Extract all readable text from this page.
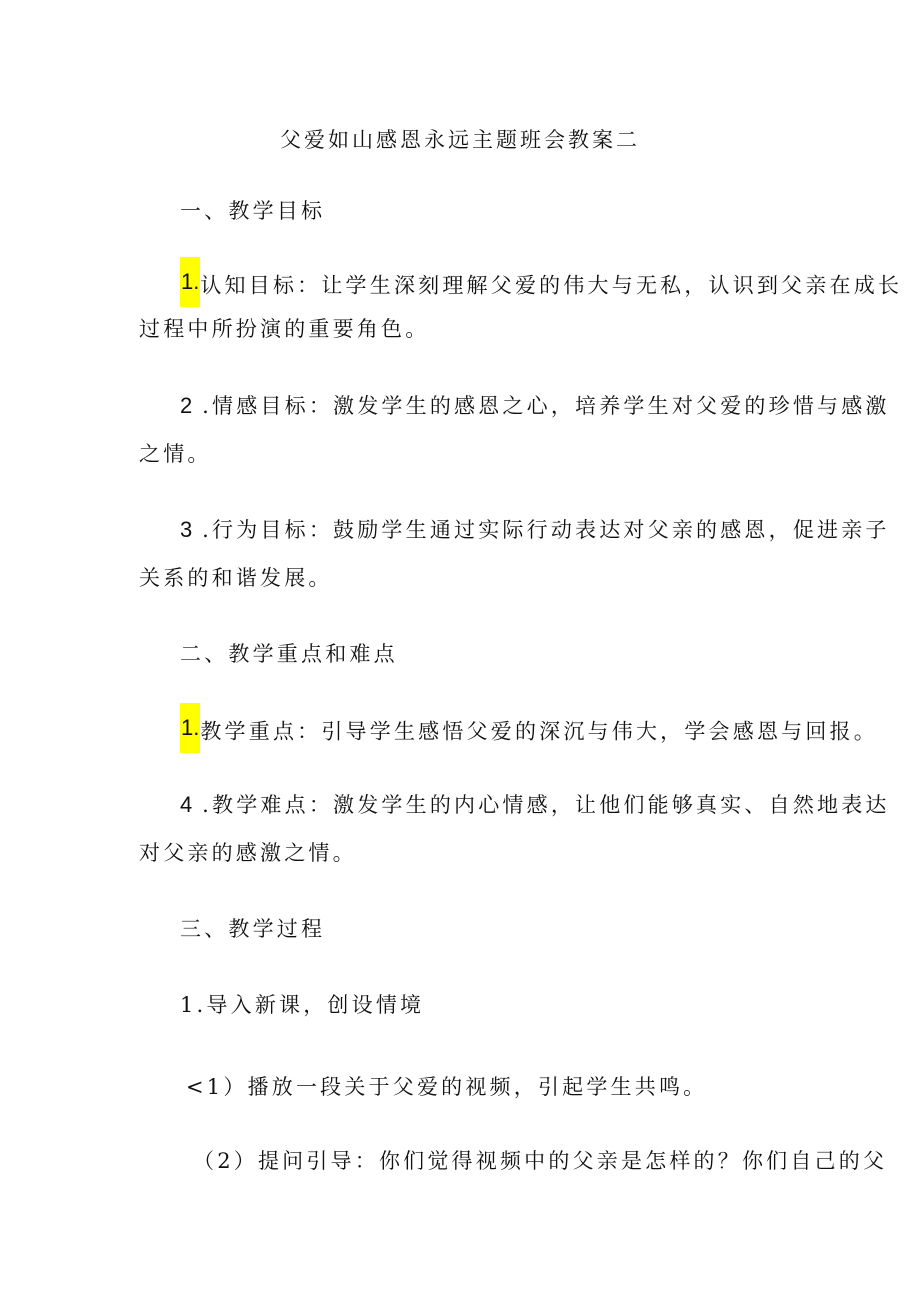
父爱如山感恩永远主题班会教案二
一、教学目标
1.认知目标：让学生深刻理解父爱的伟大与无私，认识到父亲在成长
过程中所扮演的重要角色。
2 .情感目标：激发学生的感恩之心，培养学生对父爱的珍惜与感激
之情。
3 .行为目标：鼓励学生通过实际行动表达对父亲的感恩，促进亲子
关系的和谐发展。
二、教学重点和难点
1.教学重点：引导学生感悟父爱的深沉与伟大，学会感恩与回报。
4 .教学难点：激发学生的内心情感，让他们能够真实、自然地表达
对父亲的感激之情。
三、教学过程
1.导入新课，创设情境
<1）播放一段关于父爱的视频，引起学生共鸣。
（2）提问引导：你们觉得视频中的父亲是怎样的？你们自己的父
